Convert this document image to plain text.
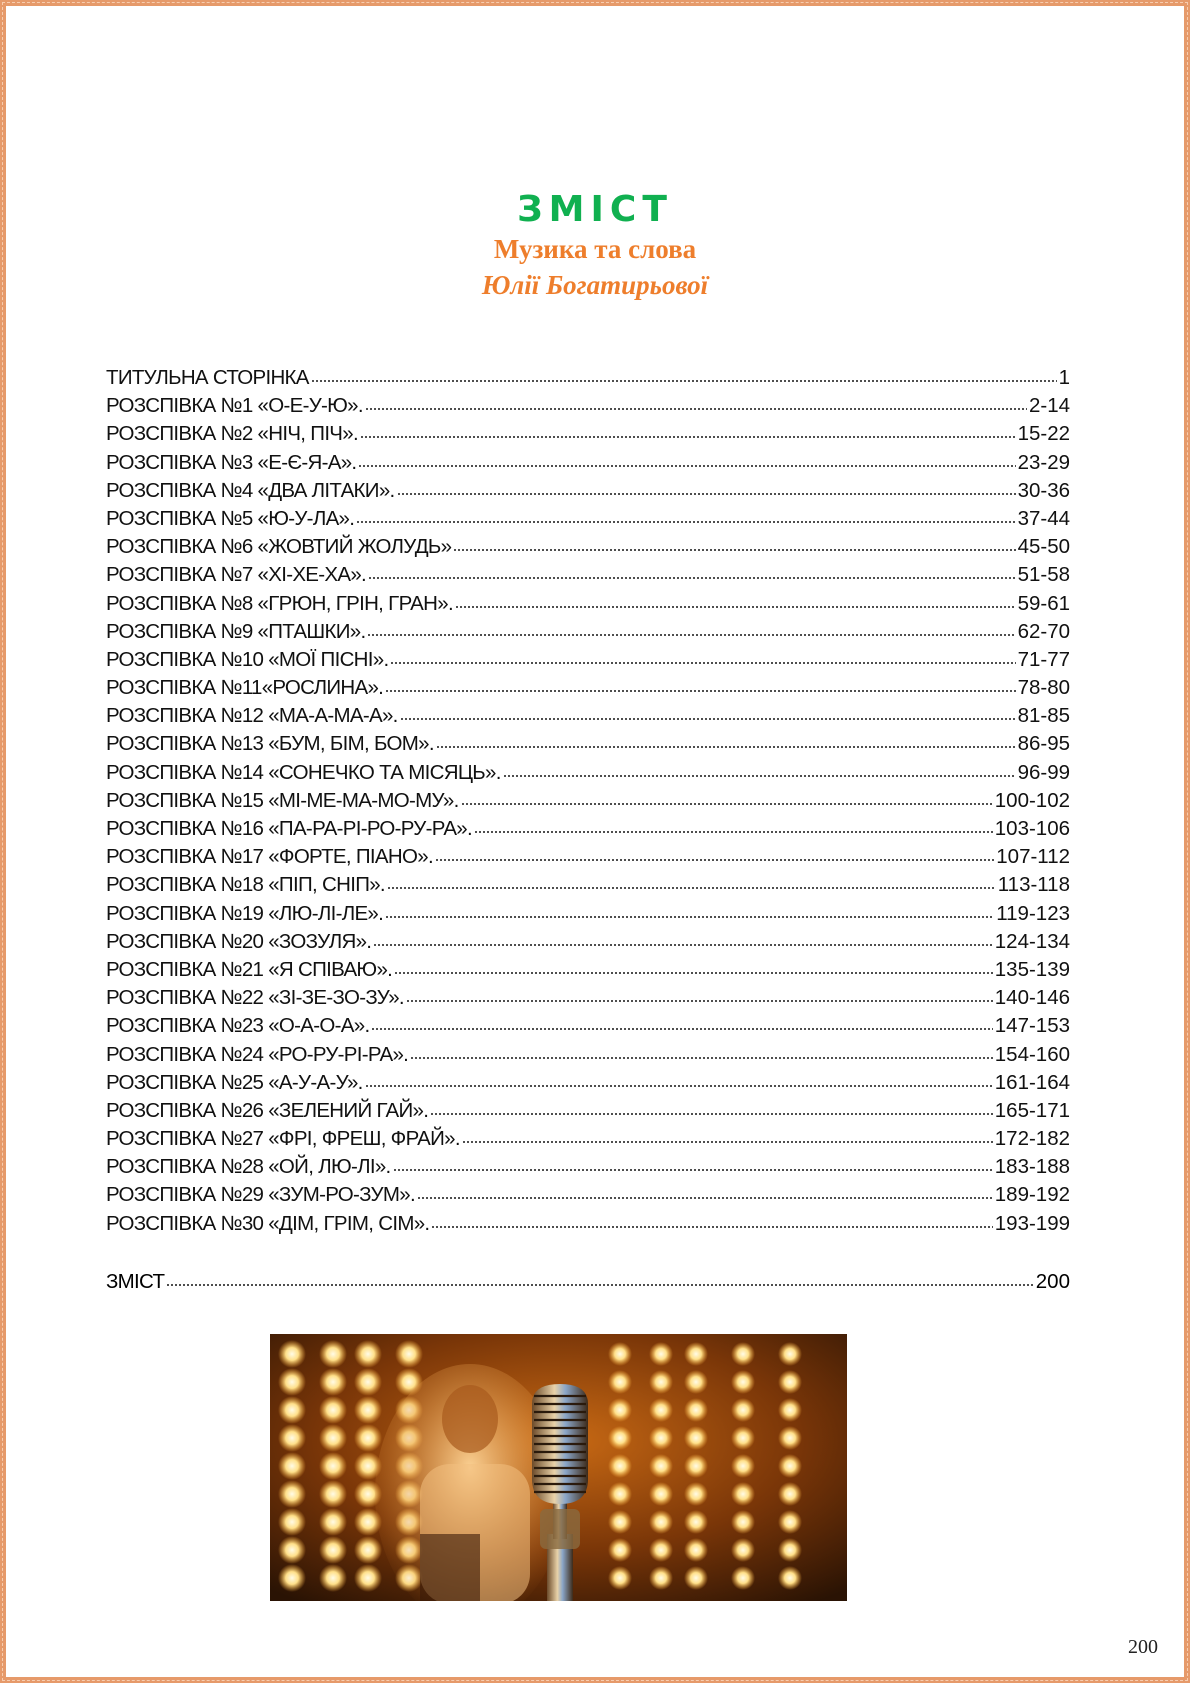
ЗМІСТ
Музика та слова
Юлії Богатирьової
ТИТУЛЬНА СТОРІНКА	1
РОЗСПІВКА №1 «О-Е-У-Ю».	2-14
РОЗСПІВКА №2 «НІЧ, ПІЧ».	15-22
РОЗСПІВКА №3 «Е-Є-Я-А».	23-29
РОЗСПІВКА №4 «ДВА ЛІТАКИ».	30-36
РОЗСПІВКА №5 «Ю-У-ЛА».	37-44
РОЗСПІВКА №6 «ЖОВТИЙ ЖОЛУДЬ»	45-50
РОЗСПІВКА №7 «ХІ-ХЕ-ХА».	51-58
РОЗСПІВКА №8 «ГРЮН, ГРІН, ГРАН».	59-61
РОЗСПІВКА №9 «ПТАШКИ».	62-70
РОЗСПІВКА №10 «МОЇ ПІСНІ».	71-77
РОЗСПІВКА №11«РОСЛИНА».	78-80
РОЗСПІВКА №12 «МА-А-МА-А».	81-85
РОЗСПІВКА №13 «БУМ, БІМ, БОМ».	86-95
РОЗСПІВКА №14 «СОНЕЧКО ТА МІСЯЦЬ».	96-99
РОЗСПІВКА №15 «МІ-МЕ-МА-МО-МУ».	100-102
РОЗСПІВКА №16 «ПА-РА-РІ-РО-РУ-РА».	103-106
РОЗСПІВКА №17 «ФОРТЕ, ПІАНО».	107-112
РОЗСПІВКА №18 «ПІП, СНІП».	113-118
РОЗСПІВКА №19 «ЛЮ-ЛІ-ЛЕ».	119-123
РОЗСПІВКА №20 «ЗОЗУЛЯ».	124-134
РОЗСПІВКА №21 «Я СПІВАЮ».	135-139
РОЗСПІВКА №22 «ЗІ-ЗЕ-ЗО-ЗУ».	140-146
РОЗСПІВКА №23 «О-А-О-А».	147-153
РОЗСПІВКА №24 «РО-РУ-РІ-РА».	154-160
РОЗСПІВКА №25 «А-У-А-У».	161-164
РОЗСПІВКА №26 «ЗЕЛЕНИЙ ГАЙ».	165-171
РОЗСПІВКА №27 «ФРІ, ФРЕШ, ФРАЙ».	172-182
РОЗСПІВКА №28 «ОЙ, ЛЮ-ЛІ».	183-188
РОЗСПІВКА №29 «ЗУМ-РО-ЗУМ».	189-192
РОЗСПІВКА №30 «ДІМ, ГРІМ, СІМ».	193-199
ЗМІСТ	200
200
